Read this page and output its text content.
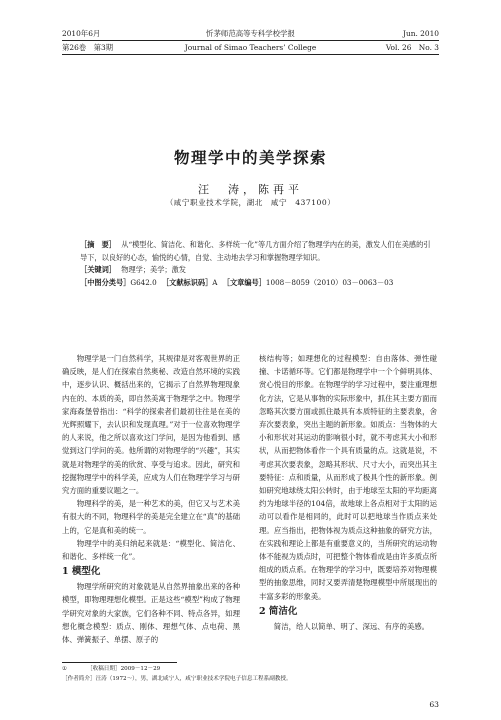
2010年6月	忻茅师范高等专科学校学报	Jun. 2010
第26卷　第3期	Journal of Simao Teachers’ College	Vol. 26　No. 3
物理学中的美学探索
汪　涛，陈再平
（咸宁职业技术学院，湖北　咸宁　437100）

［摘　要］ 从“模型化、简洁化、和谐化、多样统一化”等几方面介绍了物理学内在的美，激发人们在美感的引导下，以良好的心态，愉悦的心情，自觉、主动地去学习和掌握物理学知识。

［关键词］ 物理学；美学；激发

［中图分类号］G642.0 ［文献标识码］A ［文章编号］1008－8059（2010）03－0063－03

物理学是一门自然科学，其规律是对客观世界的正确反映，是人们在探索自然奥秘、改造自然环境的实践中，逐步认识、概括出来的，它揭示了自然界物理现象内在的、本质的美，即自然美寓于物理学之中。物理学家海森堡曾指出：“科学的探索者们最初往往是在美的光辉照耀下，去认识和发现真理。”对于一位喜欢物理学的人来说，他之所以喜欢这门学问，是因为他看到、感觉到这门学问的美。他所谓的对物理学的“兴趣”，其实就是对物理学的美的欣赏、享受与追求。因此，研究和挖掘物理学中的科学美，应成为人们在物理学学习与研究方面的重要议题之一。

物理科学的美，是一种艺术的美，但它又与艺术美有很大的不同，物理科学的美是完全建立在“真”的基础上的，它是真和美的统一。

物理学中的美归纳起来就是：“模型化、简洁化、和谐化、多样统一化”。

1 模型化

物理学所研究的对象就是从自然界抽象出来的各种模型，即物理理想化模型。正是这些“模型”构成了物理学研究对象的大家族，它们各种不同、特点各异，如理想化概念模型：质点、刚体、理想气体、点电荷、黑体、弹簧振子、单摆、原子的

核结构等；如理想化的过程模型：自由落体、弹性碰撞、卡诺循环等。它们都是物理学中一个个鲜明具体、赏心悦目的形象。在物理学的学习过程中，要注重理想化方法，它是从事物的实际形象中，抓住其主要方面而忽略其次要方面或抓住最具有本质特征的主要表象，舍弃次要表象，突出主题的新形象。如质点：当物体的大小和形状对其运动的影响很小时，就不考虑其大小和形状，从而把物体看作一个具有质量的点。这就是说，不考虑其次要表象，忽略其形状、尺寸大小，而突出其主要特征：点和质量，从而形成了极具个性的新形象。例如研究地球绕太阳公转时，由于地球至太阳的平均距离约为地球半径的104倍，故地球上各点相对于太阳的运动可以看作是相同的，此时可以把地球当作质点来处理。应当指出，把物体视为质点这种抽象的研究方法，在实践和理论上都是有重要意义的，当所研究的运动物体不能视为质点时，可把整个物体看成是由许多质点所组成的质点系。在物理学的学习中，既要培养对物理模型的抽象思维，同时又要弄清楚物理模型中所展现出的丰富多彩的形象美。

2 简洁化

简洁，给人以简单、明了、深远、有序的美感。

①	［收稿日期］2009－12－29
［作者简介］汪涛（1972～），男，湖北咸宁人，咸宁职业技术学院电子信息工程系副教授。
63
